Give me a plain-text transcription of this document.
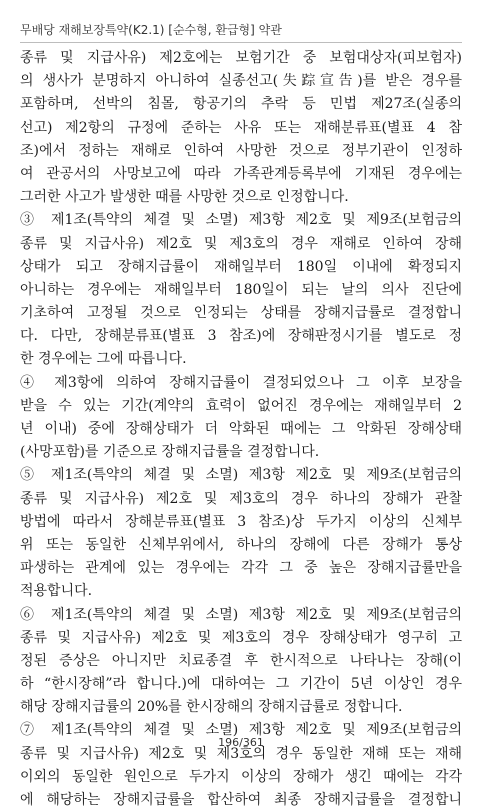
무배당 재해보장특약(K2.1) [순수형, 환급형] 약관
종류 및 지급사유) 제2호에는 보험기간 중 보험대상자(피보험자)
의 생사가 분명하지 아니하여 실종선고(失踪宣告)를 받은 경우를
포함하며, 선박의 침몰, 항공기의 추락 등 민법 제27조(실종의
선고) 제2항의 규정에 준하는 사유 또는 재해분류표(별표 4 참
조)에서 정하는 재해로 인하여 사망한 것으로 정부기관이 인정하
여 관공서의 사망보고에 따라 가족관계등록부에 기재된 경우에는
그러한 사고가 발생한 때를 사망한 것으로 인정합니다.
③ 제1조(특약의 체결 및 소멸) 제3항 제2호 및 제9조(보험금의
종류 및 지급사유) 제2호 및 제3호의 경우 재해로 인하여 장해
상태가 되고 장해지급률이 재해일부터 180일 이내에 확정되지
아니하는 경우에는 재해일부터 180일이 되는 날의 의사 진단에
기초하여 고정될 것으로 인정되는 상태를 장해지급률로 결정합니
다. 다만, 장해분류표(별표 3 참조)에 장해판정시기를 별도로 정
한 경우에는 그에 따릅니다.
④ 제3항에 의하여 장해지급률이 결정되었으나 그 이후 보장을
받을 수 있는 기간(계약의 효력이 없어진 경우에는 재해일부터 2
년 이내) 중에 장해상태가 더 악화된 때에는 그 악화된 장해상태
(사망포함)를 기준으로 장해지급률을 결정합니다.
⑤ 제1조(특약의 체결 및 소멸) 제3항 제2호 및 제9조(보험금의
종류 및 지급사유) 제2호 및 제3호의 경우 하나의 장해가 관찰
방법에 따라서 장해분류표(별표 3 참조)상 두가지 이상의 신체부
위 또는 동일한 신체부위에서, 하나의 장해에 다른 장해가 통상
파생하는 관계에 있는 경우에는 각각 그 중 높은 장해지급률만을
적용합니다.
⑥ 제1조(특약의 체결 및 소멸) 제3항 제2호 및 제9조(보험금의
종류 및 지급사유) 제2호 및 제3호의 경우 장해상태가 영구히 고
정된 증상은 아니지만 치료종결 후 한시적으로 나타나는 장해(이
하 “한시장해”라 합니다.)에 대하여는 그 기간이 5년 이상인 경우
해당 장해지급률의 20%를 한시장해의 장해지급률로 정합니다.
⑦ 제1조(특약의 체결 및 소멸) 제3항 제2호 및 제9조(보험금의
종류 및 지급사유) 제2호 및 제3호의 경우 동일한 재해 또는 재해
이외의 동일한 원인으로 두가지 이상의 장해가 생긴 때에는 각각
에 해당하는 장해지급률을 합산하여 최종 장해지급률을 결정합니
196/361
